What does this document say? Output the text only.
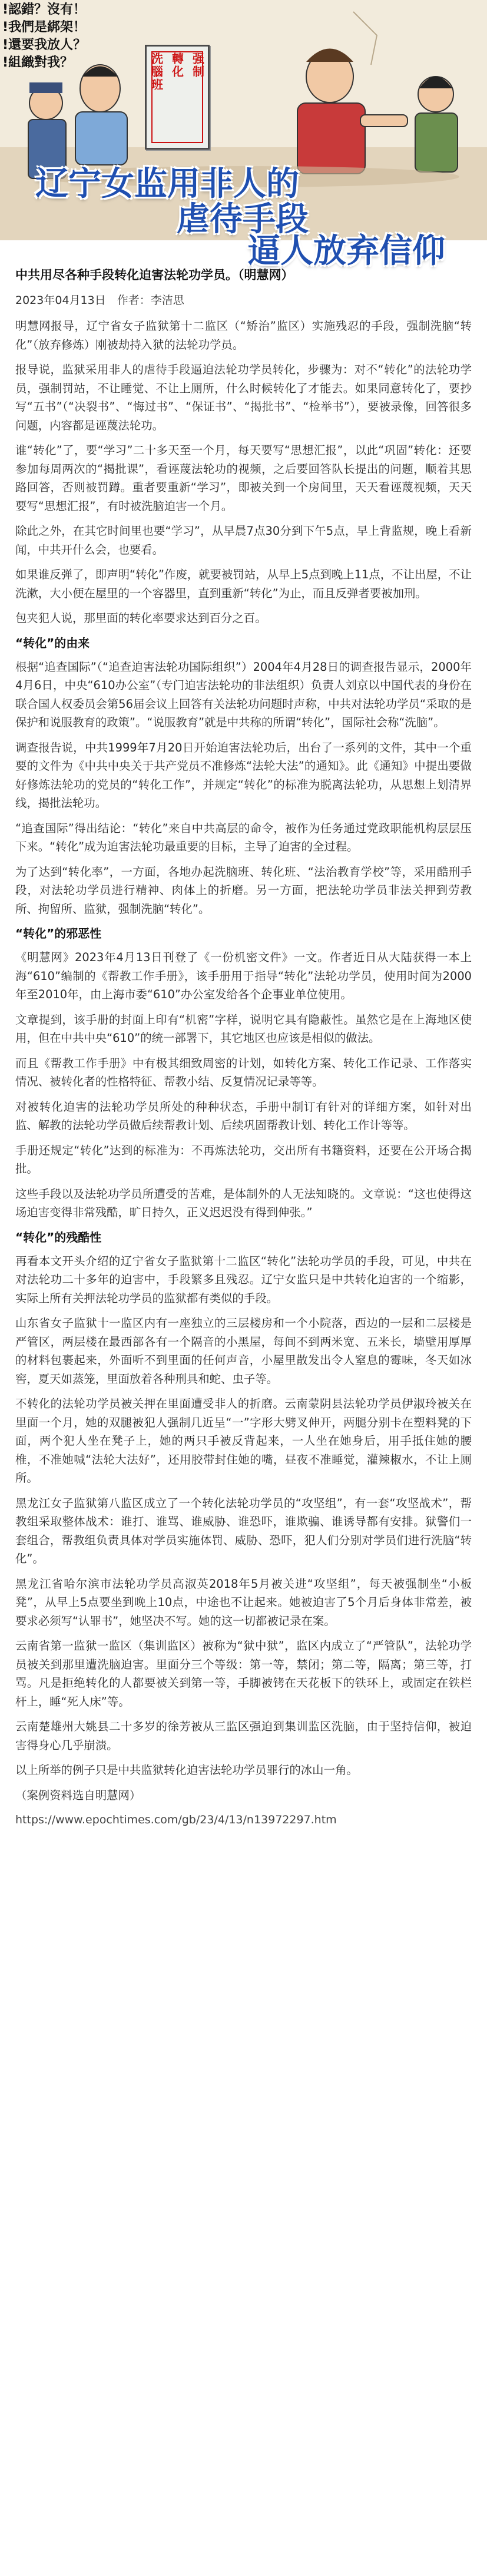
!認錯？沒有！
!我們是綁架！
!還要我放人？
!組織對我？	洗腦班 轉化 强制
辽宁女监用非人的
虐待手段
逼人放弃信仰
中共用尽各种手段转化迫害法轮功学员。（明慧网）
2023年04月13日　作者：李洁思

明慧网报导，辽宁省女子监狱第十二监区（“矫治”监区）实施残忍的手段，强制洗脑“转化”（放弃修炼）刚被劫持入狱的法轮功学员。

报导说，监狱采用非人的虐待手段逼迫法轮功学员转化，步骤为：对不“转化”的法轮功学员，强制罚站，不让睡觉、不让上厕所，什么时候转化了才能去。如果同意转化了，要抄写“五书”（“决裂书”、“悔过书”、“保证书”、“揭批书”、“检举书”），要被录像，回答很多问题，内容都是诬蔑法轮功。

谁“转化”了，要“学习”二十多天至一个月，每天要写“思想汇报”，以此“巩固”转化：还要参加每周两次的“揭批课”，看诬蔑法轮功的视频，之后要回答队长提出的问题，顺着其思路回答，否则被罚蹲。重者要重新“学习”，即被关到一个房间里，天天看诬蔑视频，天天要写“思想汇报”，有时被洗脑迫害一个月。

除此之外，在其它时间里也要“学习”，从早晨7点30分到下午5点，早上背监规，晚上看新闻，中共开什么会，也要看。

如果谁反弹了，即声明“转化”作废，就要被罚站，从早上5点到晚上11点，不让出屋，不让洗漱，大小便在屋里的一个容器里，直到重新“转化”为止，而且反弹者要被加刑。

包夹犯人说，那里面的转化率要求达到百分之百。

“转化”的由来

根据“追查国际”（“追查迫害法轮功国际组织”）2004年4月28日的调查报告显示，2000年4月6日，中央“610办公室”（专门迫害法轮功的非法组织）负责人刘京以中国代表的身份在联合国人权委员会第56届会议上回答有关法轮功问题时声称，中共对法轮功学员“采取的是保护和说服教育的政策”。“说服教育”就是中共称的所谓“转化”，国际社会称“洗脑”。

调查报告说，中共1999年7月20日开始迫害法轮功后，出台了一系列的文件，其中一个重要的文件为《中共中央关于共产党员不准修炼“法轮大法”的通知》。此《通知》中提出要做好修炼法轮功的党员的“转化工作”，并规定“转化”的标准为脱离法轮功，从思想上划清界线，揭批法轮功。

“追查国际”得出结论：“转化”来自中共高层的命令，被作为任务通过党政职能机构层层压下来。“转化”成为迫害法轮功最重要的目标，主导了迫害的全过程。

为了达到“转化率”，一方面，各地办起洗脑班、转化班、“法治教育学校”等，采用酷刑手段，对法轮功学员进行精神、肉体上的折磨。另一方面，把法轮功学员非法关押到劳教所、拘留所、监狱，强制洗脑“转化”。

“转化”的邪恶性

《明慧网》2023年4月13日刊登了《一份机密文件》一文。作者近日从大陆获得一本上海“610”编制的《帮教工作手册》，该手册用于指导“转化”法轮功学员，使用时间为2000年至2010年，由上海市委“610”办公室发给各个企事业单位使用。

文章提到，该手册的封面上印有“机密”字样，说明它具有隐蔽性。虽然它是在上海地区使用，但在中共中央“610”的统一部署下，其它地区也应该是相似的做法。

而且《帮教工作手册》中有极其细致周密的计划，如转化方案、转化工作记录、工作落实情况、被转化者的性格特征、帮教小结、反复情况记录等等。

对被转化迫害的法轮功学员所处的种种状态，手册中制订有针对的详细方案，如针对出监、解教的法轮功学员做后续帮教计划、后续巩固帮教计划、转化工作计等等。

手册还规定“转化”达到的标准为：不再炼法轮功，交出所有书籍资料，还要在公开场合揭批。

这些手段以及法轮功学员所遭受的苦难，是体制外的人无法知晓的。文章说：“这也使得这场迫害变得非常残酷，旷日持久，正义迟迟没有得到伸张。”

“转化”的残酷性

再看本文开头介绍的辽宁省女子监狱第十二监区“转化”法轮功学员的手段，可见，中共在对法轮功二十多年的迫害中，手段繁多且残忍。辽宁女监只是中共转化迫害的一个缩影，实际上所有关押法轮功学员的监狱都有类似的手段。

山东省女子监狱十一监区内有一座独立的三层楼房和一个小院落，西边的一层和二层楼是严管区，两层楼在最西部各有一个隔音的小黑屋，每间不到两米宽、五米长，墙壁用厚厚的材料包裹起来，外面听不到里面的任何声音，小屋里散发出令人窒息的霉味，冬天如冰窖，夏天如蒸笼，里面放着各种刑具和蛇、虫子等。

不转化的法轮功学员被关押在里面遭受非人的折磨。云南蒙阴县法轮功学员伊淑玲被关在里面一个月，她的双腿被犯人强制几近呈“一”字形大劈叉伸开，两腿分别卡在塑料凳的下面，两个犯人坐在凳子上，她的两只手被反背起来，一人坐在她身后，用手抵住她的腰椎，不准她喊“法轮大法好”，还用胶带封住她的嘴，昼夜不准睡觉，灌辣椒水，不让上厕所。

黑龙江女子监狱第八监区成立了一个转化法轮功学员的“攻坚组”，有一套“攻坚战术”，帮教组采取整体战术：谁打、谁骂、谁威胁、谁恐吓，谁欺骗、谁诱导都有安排。狱警们一套组合，帮教组负责具体对学员实施体罚、威胁、恐吓，犯人们分别对学员们进行洗脑“转化”。

黑龙江省哈尔滨市法轮功学员高淑英2018年5月被关进“攻坚组”，每天被强制坐“小板凳”，从早上5点要坐到晚上10点，中途也不让起来。她被迫害了5个月后身体非常差，被要求必须写“认罪书”，她坚决不写。她的这一切都被记录在案。

云南省第一监狱一监区（集训监区）被称为“狱中狱”，监区内成立了“严管队”，法轮功学员被关到那里遭洗脑迫害。里面分三个等级：第一等，禁闭；第二等，隔离；第三等，打骂。凡是拒绝转化的人都要被关到第一等，手脚被铐在天花板下的铁环上，或固定在铁栏杆上，睡“死人床”等。

云南楚雄州大姚县二十多岁的徐芳被从三监区强迫到集训监区洗脑，由于坚持信仰，被迫害得身心几乎崩溃。

以上所举的例子只是中共监狱转化迫害法轮功学员罪行的冰山一角。

（案例资料选自明慧网）

https://www.epochtimes.com/gb/23/4/13/n13972297.htm
